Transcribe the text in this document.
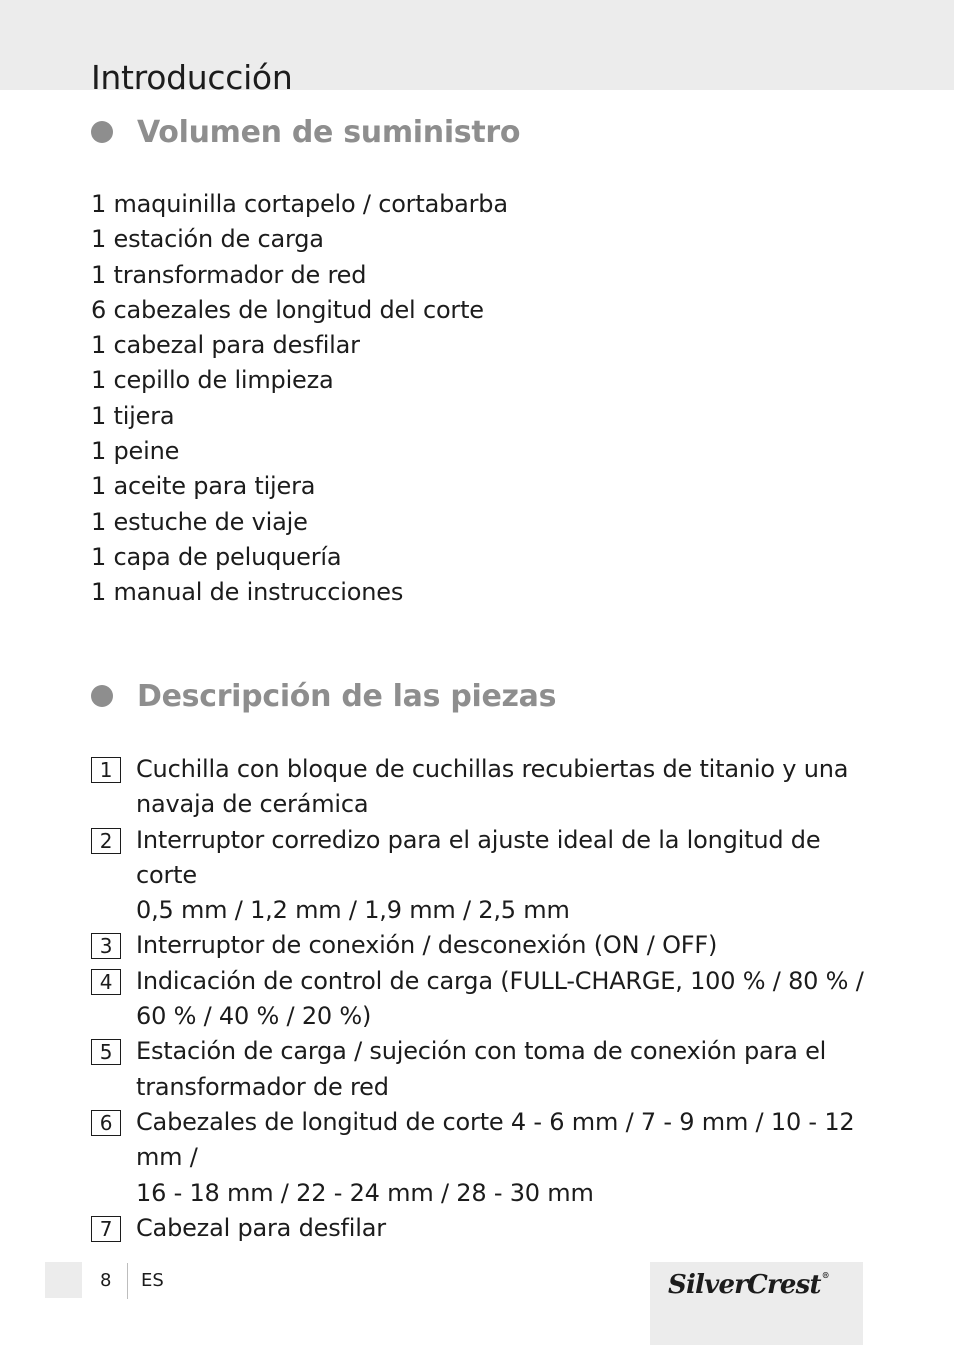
Introducción
Volumen de suministro
1 maquinilla cortapelo / cortabarba
1 estación de carga
1 transformador de red
6 cabezales de longitud del corte
1 cabezal para desfilar
1 cepillo de limpieza
1 tijera
1 peine
1 aceite para tijera
1 estuche de viaje
1 capa de peluquería
1 manual de instrucciones
Descripción de las piezas
1 Cuchilla con bloque de cuchillas recubiertas de titanio y una
navaja de cerámica
2 Interruptor corredizo para el ajuste ideal de la longitud de corte
0,5 mm / 1,2 mm / 1,9 mm / 2,5 mm
3 Interruptor de conexión / desconexión (ON / OFF)
4 Indicación de control de carga (FULL-CHARGE, 100 % / 80 % /
60 % / 40 % / 20 %)
5 Estación de carga / sujeción con toma de conexión para el
transformador de red
6 Cabezales de longitud de corte 4 - 6 mm / 7 - 9 mm / 10 - 12 mm /
16 - 18 mm / 22 - 24 mm / 28 - 30 mm
7 Cabezal para desfilar
8 ES	SilverCrest®
